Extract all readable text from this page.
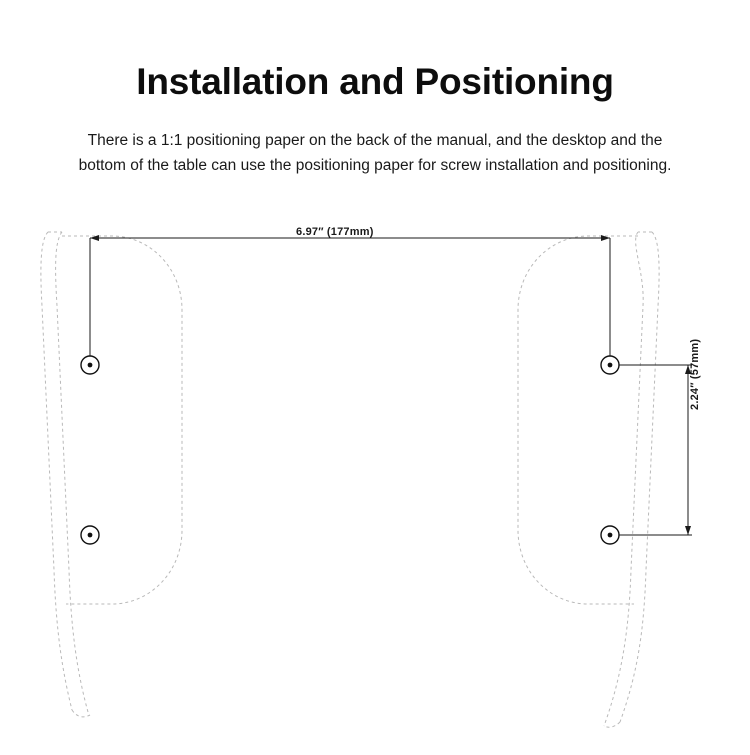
Installation and Positioning

There is a 1:1 positioning paper on the back of the manual, and the desktop and the bottom of the table can use the positioning paper for screw installation and positioning.

6.97″ (177mm)
2.24″ (57mm)
